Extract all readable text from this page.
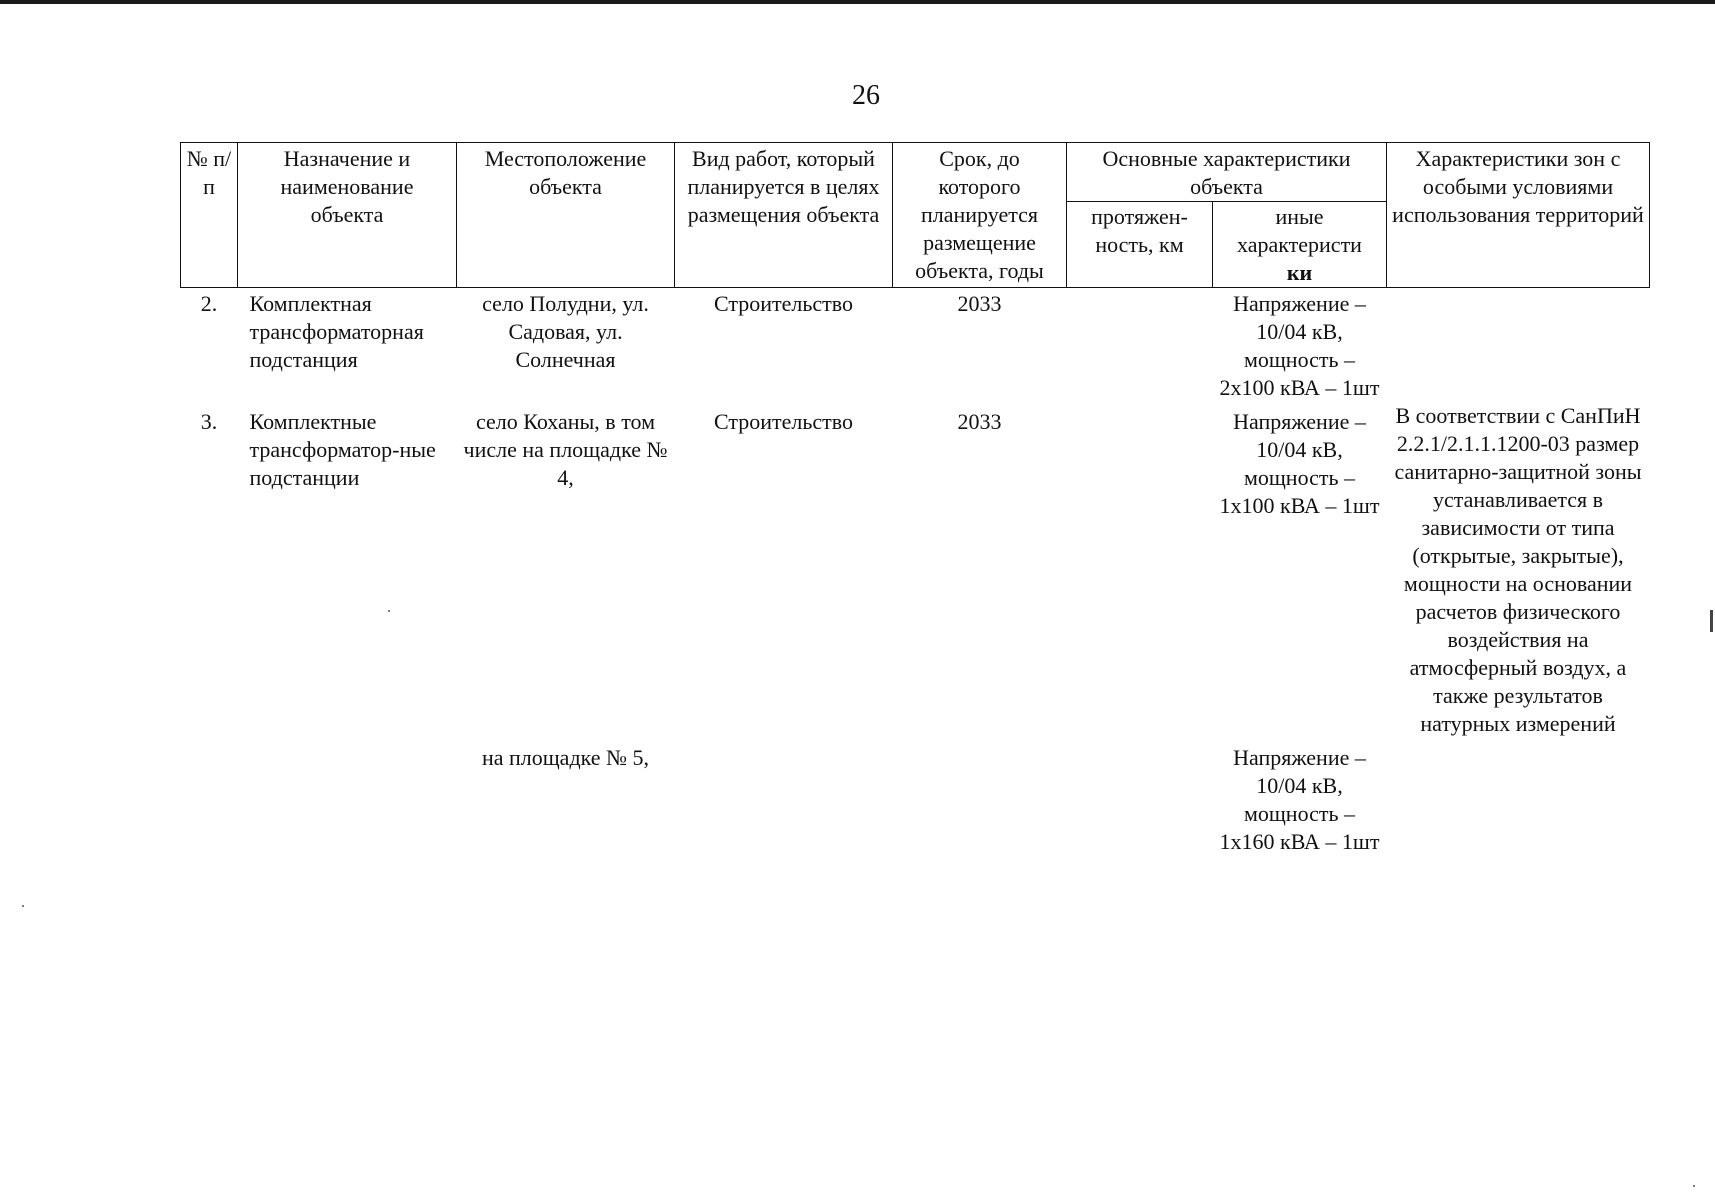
26
№ п/п	Назначение и наименование объекта	Местоположение объекта	Вид работ, который планируется в целях размещения объекта	Срок, до которого планируется размещение объекта, годы	Основные характеристики объекта		Характеристики зон с особыми условиями использования территорий
					протяжен-ность, км	иные характеристи
ки	
2.	Комплектная трансформаторная подстанция	село Полудни, ул. Садовая, ул. Солнечная	Строительство	2033		Напряжение – 10/04 кВ, мощность – 2х100 кВА – 1шт	
3.	Комплектные трансформатор-ные подстанции	село Коханы, в том числе на площадке № 4,	Строительство	2033		Напряжение – 10/04 кВ, мощность – 1х100 кВА – 1шт	В соответствии с СанПиН 2.2.1/2.1.1.1200-03 размер санитарно-защитной зоны устанавливается в зависимости от типа (открытые, закрытые), мощности на основании расчетов физического воздействия на атмосферный воздух, а также результатов натурных измерений
		на площадке № 5,				Напряжение – 10/04 кВ, мощность – 1х160 кВА – 1шт	
